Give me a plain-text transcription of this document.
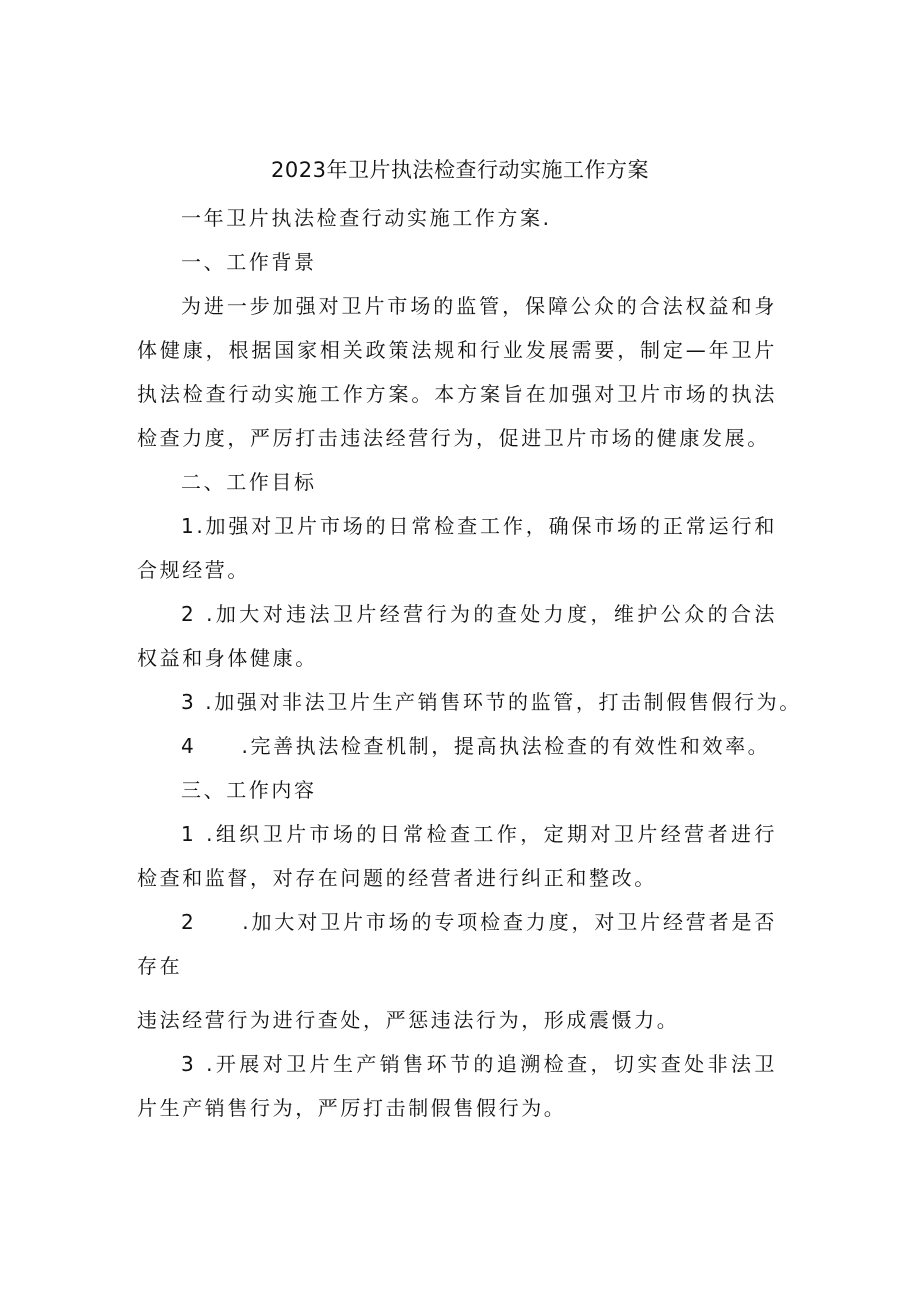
2023年卫片执法检查行动实施工作方案
一年卫片执法检查行动实施工作方案.
一、工作背景
为进一步加强对卫片市场的监管，保障公众的合法权益和身体健康，根据国家相关政策法规和行业发展需要，制定—年卫片执法检查行动实施工作方案。本方案旨在加强对卫片市场的执法检查力度，严厉打击违法经营行为，促进卫片市场的健康发展。
二、工作目标
1.加强对卫片市场的日常检查工作，确保市场的正常运行和合规经营。
2 .加大对违法卫片经营行为的查处力度，维护公众的合法权益和身体健康。
3 .加强对非法卫片生产销售环节的监管，打击制假售假行为。
4　　.完善执法检查机制，提高执法检查的有效性和效率。
三、工作内容
1 .组织卫片市场的日常检查工作，定期对卫片经营者进行检查和监督，对存在问题的经营者进行纠正和整改。
2　　.加大对卫片市场的专项检查力度，对卫片经营者是否存在
违法经营行为进行查处，严惩违法行为，形成震慑力。
3 .开展对卫片生产销售环节的追溯检查，切实查处非法卫片生产销售行为，严厉打击制假售假行为。
